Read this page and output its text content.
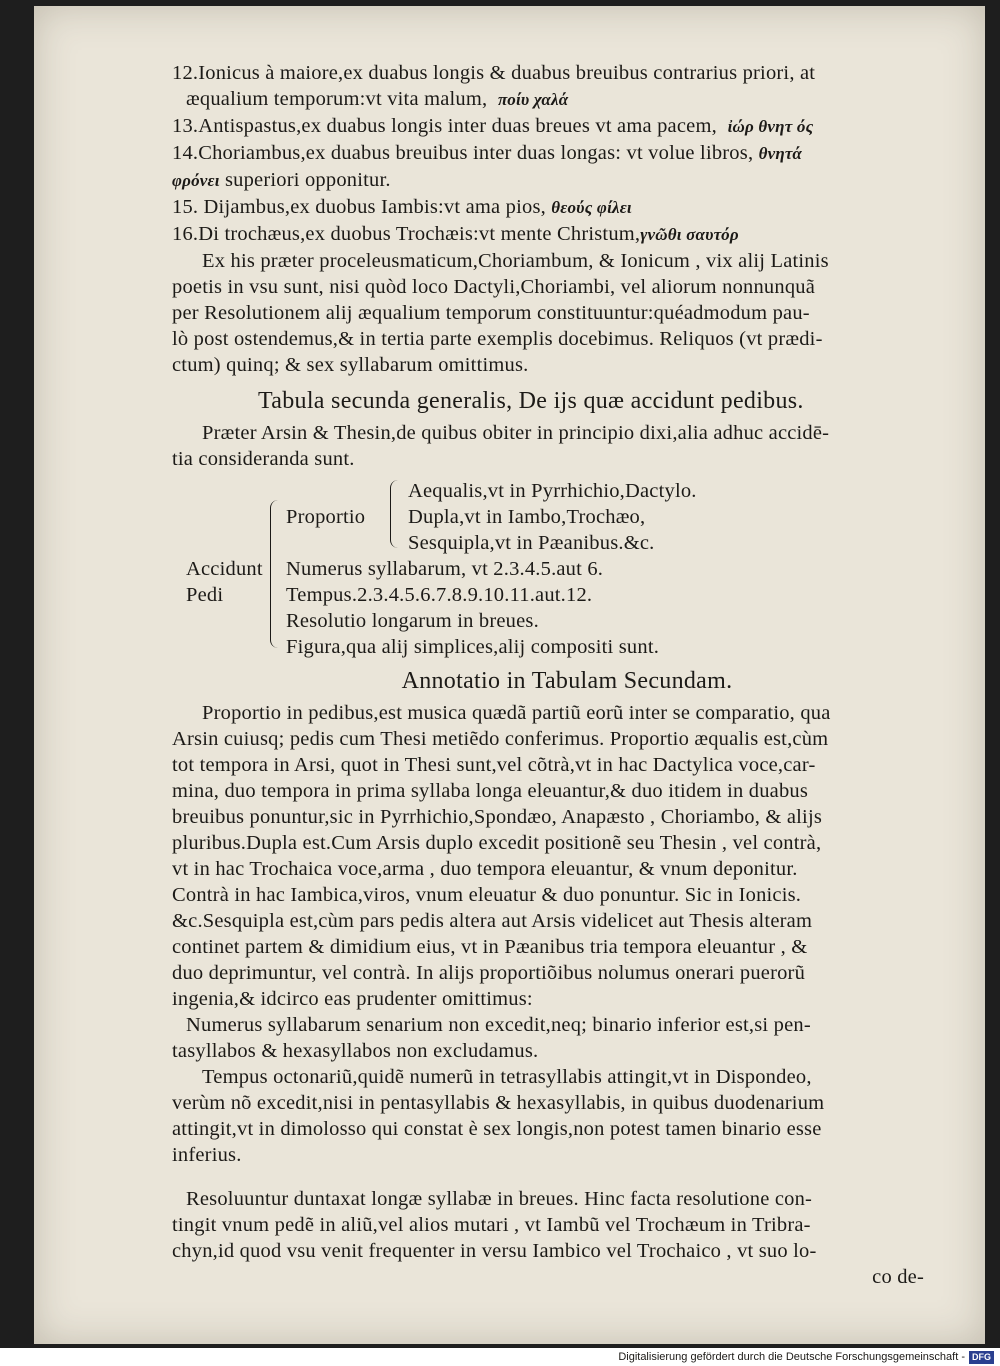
12.Ionicus à maiore,ex duabus longis & duabus breuibus contrarius priori, at
æqualium temporum:vt vita malum, ποίυ χαλά
13.Antispastus,ex duabus longis inter duas breues vt ama pacem, ἰώρ θνητ ός
14.Choriambus,ex duabus breuibus inter duas longas: vt volue libros, θνητά
φρόνει superiori opponitur.
15. Dijambus,ex duobus Iambis:vt ama pios, θεούς φίλει
16.Di trochæus,ex duobus Trochæis:vt mente Christum,γνῶθι σαυτόρ
Ex his præter proceleusmaticum,Choriambum, & Ionicum , vix alij Latinis
poetis in vsu sunt, nisi quòd loco Dactyli,Choriambi, vel aliorum nonnunquã
per Resolutionem alij æqualium temporum constituuntur:quéadmodum pau-
lò post ostendemus,& in tertia parte exemplis docebimus. Reliquos (vt prædi-
ctum) quinq; & sex syllabarum omittimus.
Tabula secunda generalis, De ijs quæ accidunt pedibus.
Præter Arsin & Thesin,de quibus obiter in principio dixi,alia adhuc accidē-
tia consideranda sunt.
Accidunt
Pedi
Proportio
Numerus syllabarum, vt 2.3.4.5.aut 6.
Tempus.2.3.4.5.6.7.8.9.10.11.aut.12.
Resolutio longarum in breues.
Figura,qua alij simplices,alij compositi sunt.
Aequalis,vt in Pyrrhichio,Dactylo.
Dupla,vt in Iambo,Trochæo,
Sesquipla,vt in Pæanibus.&c.
Annotatio in Tabulam Secundam.
Proportio in pedibus,est musica quædã partiũ eorũ inter se comparatio, qua
Arsin cuiusq; pedis cum Thesi metiẽdo conferimus. Proportio æqualis est,cùm
tot tempora in Arsi, quot in Thesi sunt,vel cõtrà,vt in hac Dactylica voce,car-
mina, duo tempora in prima syllaba longa eleuantur,& duo itidem in duabus
breuibus ponuntur,sic in Pyrrhichio,Spondæo, Anapæsto , Choriambo, & alijs
pluribus.Dupla est.Cum Arsis duplo excedit positionẽ seu Thesin , vel contrà,
vt in hac Trochaica voce,arma , duo tempora eleuantur, & vnum deponitur.
Contrà in hac Iambica,viros, vnum eleuatur & duo ponuntur. Sic in Ionicis.
&c.Sesquipla est,cùm pars pedis altera aut Arsis videlicet aut Thesis alteram
continet partem & dimidium eius, vt in Pæanibus tria tempora eleuantur , &
duo deprimuntur, vel contrà. In alijs proportiõibus nolumus onerari puerorũ
ingenia,& idcirco eas prudenter omittimus:
Numerus syllabarum senarium non excedit,neq; binario inferior est,si pen-
tasyllabos & hexasyllabos non excludamus.
Tempus octonariũ,quidẽ numerũ in tetrasyllabis attingit,vt in Dispondeo,
verùm nõ excedit,nisi in pentasyllabis & hexasyllabis, in quibus duodenarium
attingit,vt in dimolosso qui constat è sex longis,non potest tamen binario esse
inferius.
Resoluuntur duntaxat longæ syllabæ in breues. Hinc facta resolutione con-
tingit vnum pedẽ in aliũ,vel alios mutari , vt Iambũ vel Trochæum in Tribra-
chyn,id quod vsu venit frequenter in versu Iambico vel Trochaico , vt suo lo-
co de-
Digitalisierung gefördert durch die Deutsche Forschungsgemeinschaft - DFG
